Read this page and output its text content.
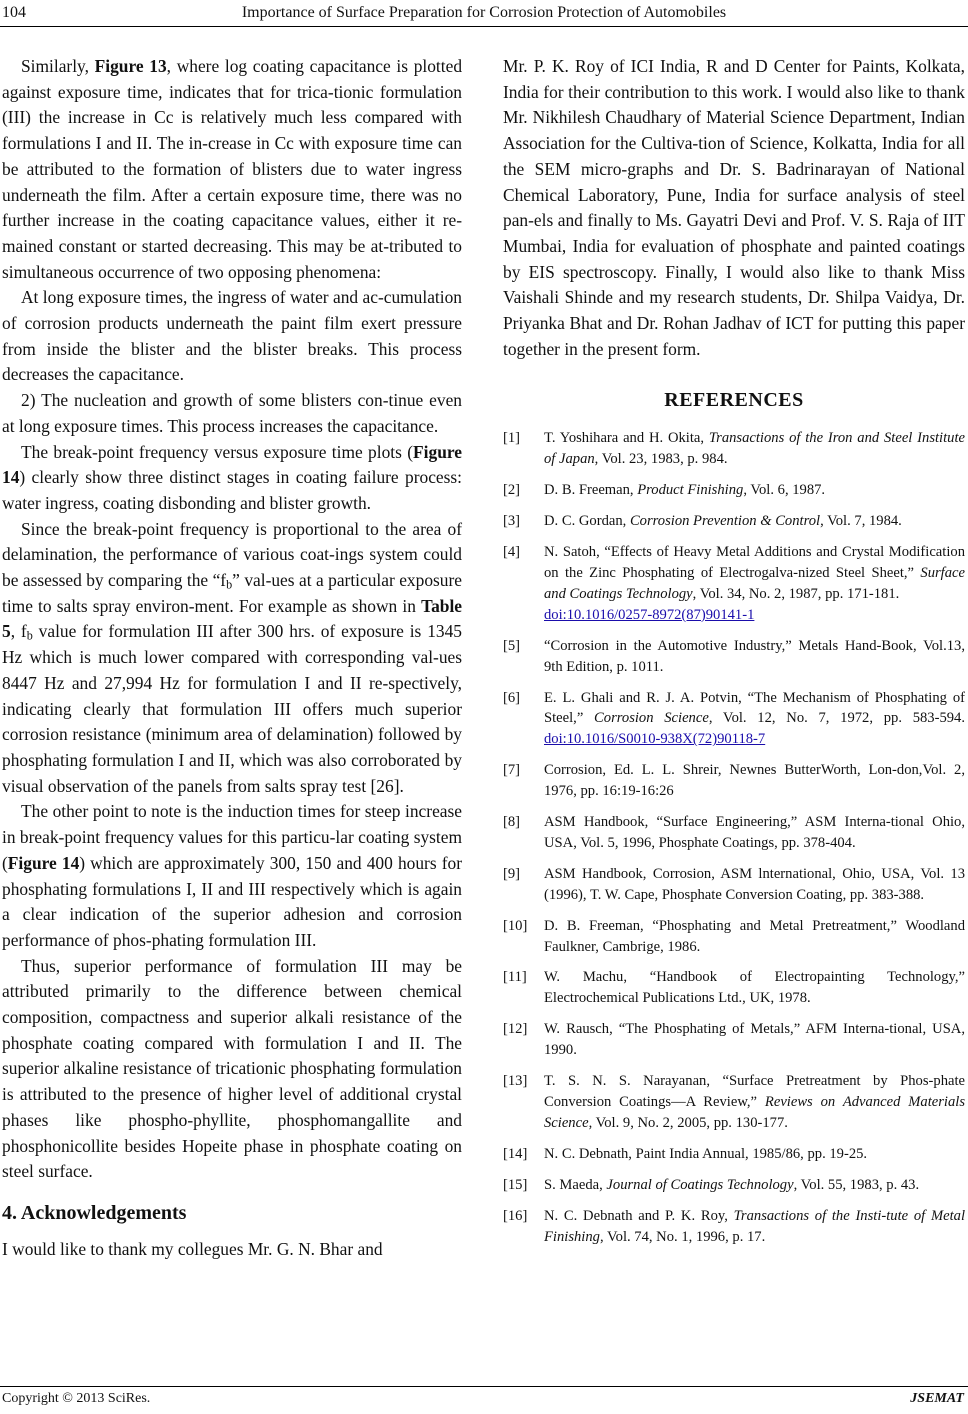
104	Importance of Surface Preparation for Corrosion Protection of Automobiles

Similarly, Figure 13, where log coating capacitance is plotted against exposure time, indicates that for trica-tionic formulation (III) the increase in Cc is relatively much less compared with formulations I and II. The in-crease in Cc with exposure time can be attributed to the formation of blisters due to water ingress underneath the film. After a certain exposure time, there was no further increase in the coating capacitance values, either it re-mained constant or started decreasing. This may be at-tributed to simultaneous occurrence of two opposing phenomena:

At long exposure times, the ingress of water and ac-cumulation of corrosion products underneath the paint film exert pressure from inside the blister and the blister breaks. This process decreases the capacitance.

2) The nucleation and growth of some blisters con-tinue even at long exposure times. This process increases the capacitance.

The break-point frequency versus exposure time plots (Figure 14) clearly show three distinct stages in coating failure process: water ingress, coating disbonding and blister growth.

Since the break-point frequency is proportional to the area of delamination, the performance of various coat-ings system could be assessed by comparing the “$f_b$” val-ues at a particular exposure time to salts spray environ-ment. For example as shown in Table 5, $f_b$ value for formulation III after 300 hrs. of exposure is 1345 Hz which is much lower compared with corresponding val-ues 8447 Hz and 27,994 Hz for formulation I and II re-spectively, indicating clearly that formulation III offers much superior corrosion resistance (minimum area of delamination) followed by phosphating formulation I and II, which was also corroborated by visual observation of the panels from salts spray test [26].

The other point to note is the induction times for steep increase in break-point frequency values for this particu-lar coating system (Figure 14) which are approximately 300, 150 and 400 hours for phosphating formulations I, II and III respectively which is again a clear indication of the superior adhesion and corrosion performance of phos-phating formulation III.

Thus, superior performance of formulation III may be attributed primarily to the difference between chemical composition, compactness and superior alkali resistance of the phosphate coating compared with formulation I and II. The superior alkaline resistance of tricationic phosphating formulation is attributed to the presence of higher level of additional crystal phases like phospho-phyllite, phosphomangallite and phosphonicollite besides Hopeite phase in phosphate coating on steel surface.

4. Acknowledgements

I would like to thank my collegues Mr. G. N. Bhar and

Mr. P. K. Roy of ICI India, R and D Center for Paints, Kolkata, India for their contribution to this work. I would also like to thank Mr. Nikhilesh Chaudhary of Material Science Department, Indian Association for the Cultiva-tion of Science, Kolkatta, India for all the SEM micro-graphs and Dr. S. Badrinarayan of National Chemical Laboratory, Pune, India for surface analysis of steel pan-els and finally to Ms. Gayatri Devi and Prof. V. S. Raja of IIT Mumbai, India for evaluation of phosphate and painted coatings by EIS spectroscopy. Finally, I would also like to thank Miss Vaishali Shinde and my research students, Dr. Shilpa Vaidya, Dr. Priyanka Bhat and Dr. Rohan Jadhav of ICT for putting this paper together in the present form.

REFERENCES
[1] T. Yoshihara and H. Okita, Transactions of the Iron and Steel Institute of Japan, Vol. 23, 1983, p. 984.
[2] D. B. Freeman, Product Finishing, Vol. 6, 1987.
[3] D. C. Gordan, Corrosion Prevention & Control, Vol. 7, 1984.
[4] N. Satoh, “Effects of Heavy Metal Additions and Crystal Modification on the Zinc Phosphating of Electrogalva-nized Steel Sheet,” Surface and Coatings Technology, Vol. 34, No. 2, 1987, pp. 171-181.
doi:10.1016/0257-8972(87)90141-1
[5] “Corrosion in the Automotive Industry,” Metals Hand-Book, Vol.13, 9th Edition, p. 1011.
[6] E. L. Ghali and R. J. A. Potvin, “The Mechanism of Phosphating of Steel,” Corrosion Science, Vol. 12, No. 7, 1972, pp. 583-594. doi:10.1016/S0010-938X(72)90118-7
[7] Corrosion, Ed. L. L. Shreir, Newnes ButterWorth, Lon-don,Vol. 2, 1976, pp. 16:19-16:26
[8] ASM Handbook, “Surface Engineering,” ASM Interna-tional Ohio, USA, Vol. 5, 1996, Phosphate Coatings, pp. 378-404.
[9] ASM Handbook, Corrosion, ASM lnternational, Ohio, USA, Vol. 13 (1996), T. W. Cape, Phosphate Conversion Coating, pp. 383-388.
[10] D. B. Freeman, “Phosphating and Metal Pretreatment,” Woodland Faulkner, Cambrige, 1986.
[11] W. Machu, “Handbook of Electropainting Technology,” Electrochemical Publications Ltd., UK, 1978.
[12] W. Rausch, “The Phosphating of Metals,” AFM Interna-tional, USA, 1990.
[13] T. S. N. S. Narayanan, “Surface Pretreatment by Phos-phate Conversion Coatings—A Review,” Reviews on Advanced Materials Science, Vol. 9, No. 2, 2005, pp. 130-177.
[14] N. C. Debnath, Paint India Annual, 1985/86, pp. 19-25.
[15] S. Maeda, Journal of Coatings Technology, Vol. 55, 1983, p. 43.
[16] N. C. Debnath and P. K. Roy, Transactions of the Insti-tute of Metal Finishing, Vol. 74, No. 1, 1996, p. 17.
Copyright © 2013 SciRes.	JSEMAT
